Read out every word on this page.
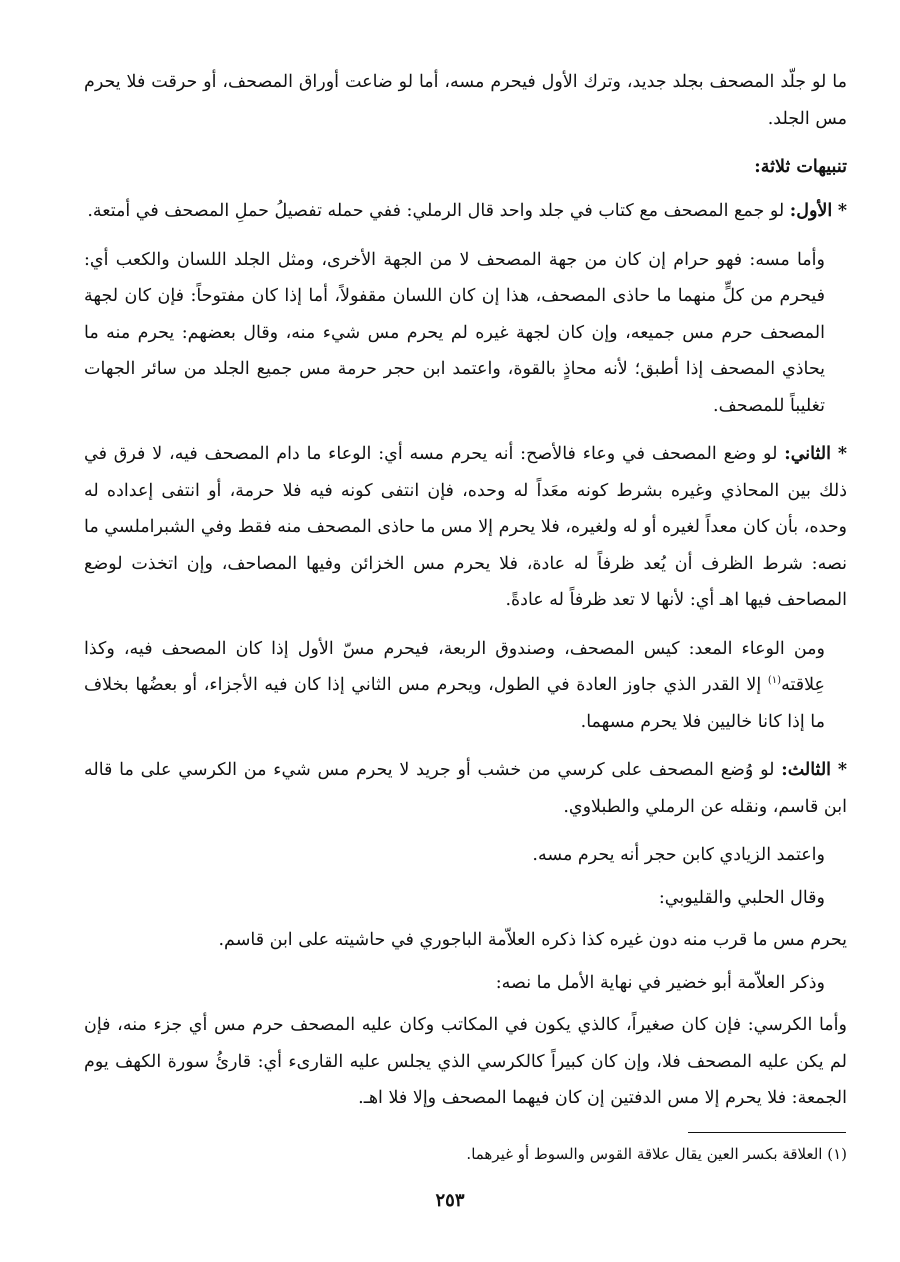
ما لو جلّد المصحف بجلد جديد، وترك الأول فيحرم مسه، أما لو ضاعت أوراق المصحف، أو حرقت فلا يحرم مس الجلد.

تنبيهات ثلاثة:

* الأول: لو جمع المصحف مع كتاب في جلد واحد قال الرملي: ففي حمله تفصيلُ حملِ المصحف في أمتعة.

وأما مسه: فهو حرام إن كان من جهة المصحف لا من الجهة الأخرى، ومثل الجلد اللسان والكعب أي: فيحرم من كلٍّ منهما ما حاذى المصحف، هذا إن كان اللسان مقفولاً، أما إذا كان مفتوحاً: فإن كان لجهة المصحف حرم مس جميعه، وإن كان لجهة غيره لم يحرم مس شيء منه، وقال بعضهم: يحرم منه ما يحاذي المصحف إذا أطبق؛ لأنه محاذٍ بالقوة، واعتمد ابن حجر حرمة مس جميع الجلد من سائر الجهات تغليباً للمصحف.

* الثاني: لو وضع المصحف في وعاء فالأصح: أنه يحرم مسه أي: الوعاء ما دام المصحف فيه، لا فرق في ذلك بين المحاذي وغيره بشرط كونه معَداً له وحده، فإن انتفى كونه فيه فلا حرمة، أو انتفى إعداده له وحده، بأن كان معداً لغيره أو له ولغيره، فلا يحرم إلا مس ما حاذى المصحف منه فقط وفي الشبراملسي ما نصه: شرط الظرف أن يُعد ظرفاً له عادة، فلا يحرم مس الخزائن وفيها المصاحف، وإن اتخذت لوضع المصاحف فيها اهـ أي: لأنها لا تعد ظرفاً له عادةً.

ومن الوعاء المعد: كيس المصحف، وصندوق الربعة، فيحرم مسّ الأول إذا كان المصحف فيه، وكذا عِلاقته$^{(١)}$ إلا القدر الذي جاوز العادة في الطول، ويحرم مس الثاني إذا كان فيه الأجزاء، أو بعضُها بخلاف ما إذا كانا خاليين فلا يحرم مسهما.

* الثالث: لو وُضع المصحف على كرسي من خشب أو جريد لا يحرم مس شيء من الكرسي على ما قاله ابن قاسم، ونقله عن الرملي والطبلاوي.

واعتمد الزيادي كابن حجر أنه يحرم مسه.

وقال الحلبي والقليوبي:

يحرم مس ما قرب منه دون غيره كذا ذكره العلاّمة الباجوري في حاشيته على ابن قاسم.

وذكر العلاّمة أبو خضير في نهاية الأمل ما نصه:

وأما الكرسي: فإن كان صغيراً، كالذي يكون في المكاتب وكان عليه المصحف حرم مس أي جزء منه، فإن لم يكن عليه المصحف فلا، وإن كان كبيراً كالكرسي الذي يجلس عليه القارىء أي: قارئُ سورة الكهف يوم الجمعة: فلا يحرم إلا مس الدفتين إن كان فيهما المصحف وإلا فلا اهـ.

(١) العلاقة بكسر العين يقال علاقة القوس والسوط أو غيرهما.
٢٥٣
